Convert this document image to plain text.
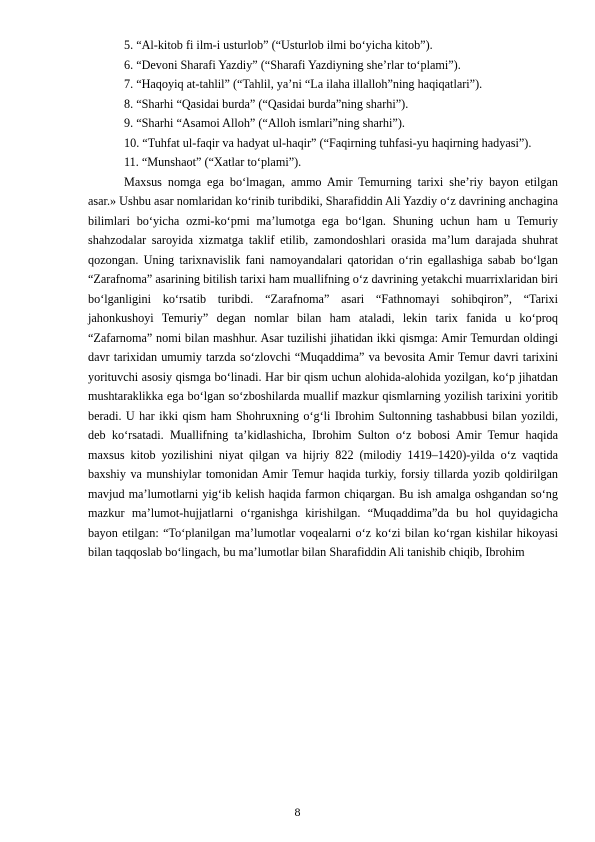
5. “Al-kitob fi ilm-i usturlob” (“Usturlob ilmi bo‘yicha kitob”).

6. “Devoni Sharafi Yazdiy” (“Sharafi Yazdiyning she’rlar to‘plami”).

7. “Haqoyiq at-tahlil” (“Tahlil, ya’ni “La ilaha illalloh”ning haqiqatlari”).

8. “Sharhi “Qasidai burda” (“Qasidai burda”ning sharhi”).

9. “Sharhi “Asamoi Alloh” (“Alloh ismlari”ning sharhi”).

10. “Tuhfat ul-faqir va hadyat ul-haqir” (“Faqirning tuhfasi-yu haqirning hadyasi”).

11. “Munshaot” (“Xatlar to‘plami”).

Maxsus nomga ega bo‘lmagan, ammo Amir Temurning tarixi she’riy bayon etilgan asar.» Ushbu asar nomlaridan ko‘rinib turibdiki, Sharafiddin Ali Yazdiy o‘z davrining anchagina bilimlari bo‘yicha ozmi-ko‘pmi ma’lumotga ega bo‘lgan. Shuning uchun ham u Temuriy shahzodalar saroyida xizmatga taklif etilib, zamondoshlari orasida ma’lum darajada shuhrat qozongan. Uning tarixnavislik fani namoyandalari qatoridan o‘rin egallashiga sabab bo‘lgan “Zarafnoma” asarining bitilish tarixi ham muallifning o‘z davrining yetakchi muarrixlaridan biri bo‘lganligini ko‘rsatib turibdi. “Zarafnoma” asari “Fathnomayi sohibqiron”, “Tarixi jahonkushoyi Temuriy” degan nomlar bilan ham ataladi, lekin tarix fanida u ko‘proq “Zafarnoma” nomi bilan mashhur. Asar tuzilishi jihatidan ikki qismga: Amir Temurdan oldingi davr tarixidan umumiy tarzda so‘zlovchi “Muqaddima” va bevosita Amir Temur davri tarixini yorituvchi asosiy qismga bo‘linadi. Har bir qism uchun alohida-alohida yozilgan, ko‘p jihatdan mushtaraklikka ega bo‘lgan so‘zboshilarda muallif mazkur qismlarning yozilish tarixini yoritib beradi. U har ikki qism ham Shohruxning o‘g‘li Ibrohim Sultonning tashabbusi bilan yozildi, deb ko‘rsatadi. Muallifning ta’kidlashicha, Ibrohim Sulton o‘z bobosi Amir Temur haqida maxsus kitob yozilishini niyat qilgan va hijriy 822 (milodiy 1419–1420)-yilda o‘z vaqtida baxshiy va munshiylar tomonidan Amir Temur haqida turkiy, forsiy tillarda yozib qoldirilgan mavjud ma’lumotlarni yig‘ib kelish haqida farmon chiqargan. Bu ish amalga oshgandan so‘ng mazkur ma’lumot-hujjatlarni o‘rganishga kirishilgan. “Muqaddima”da bu hol quyidagicha bayon etilgan: “To‘planilgan ma’lumotlar voqealarni o‘z ko‘zi bilan ko‘rgan kishilar hikoyasi bilan taqqoslab bo‘lingach, bu ma’lumotlar bilan Sharafiddin Ali tanishib chiqib, Ibrohim

8
